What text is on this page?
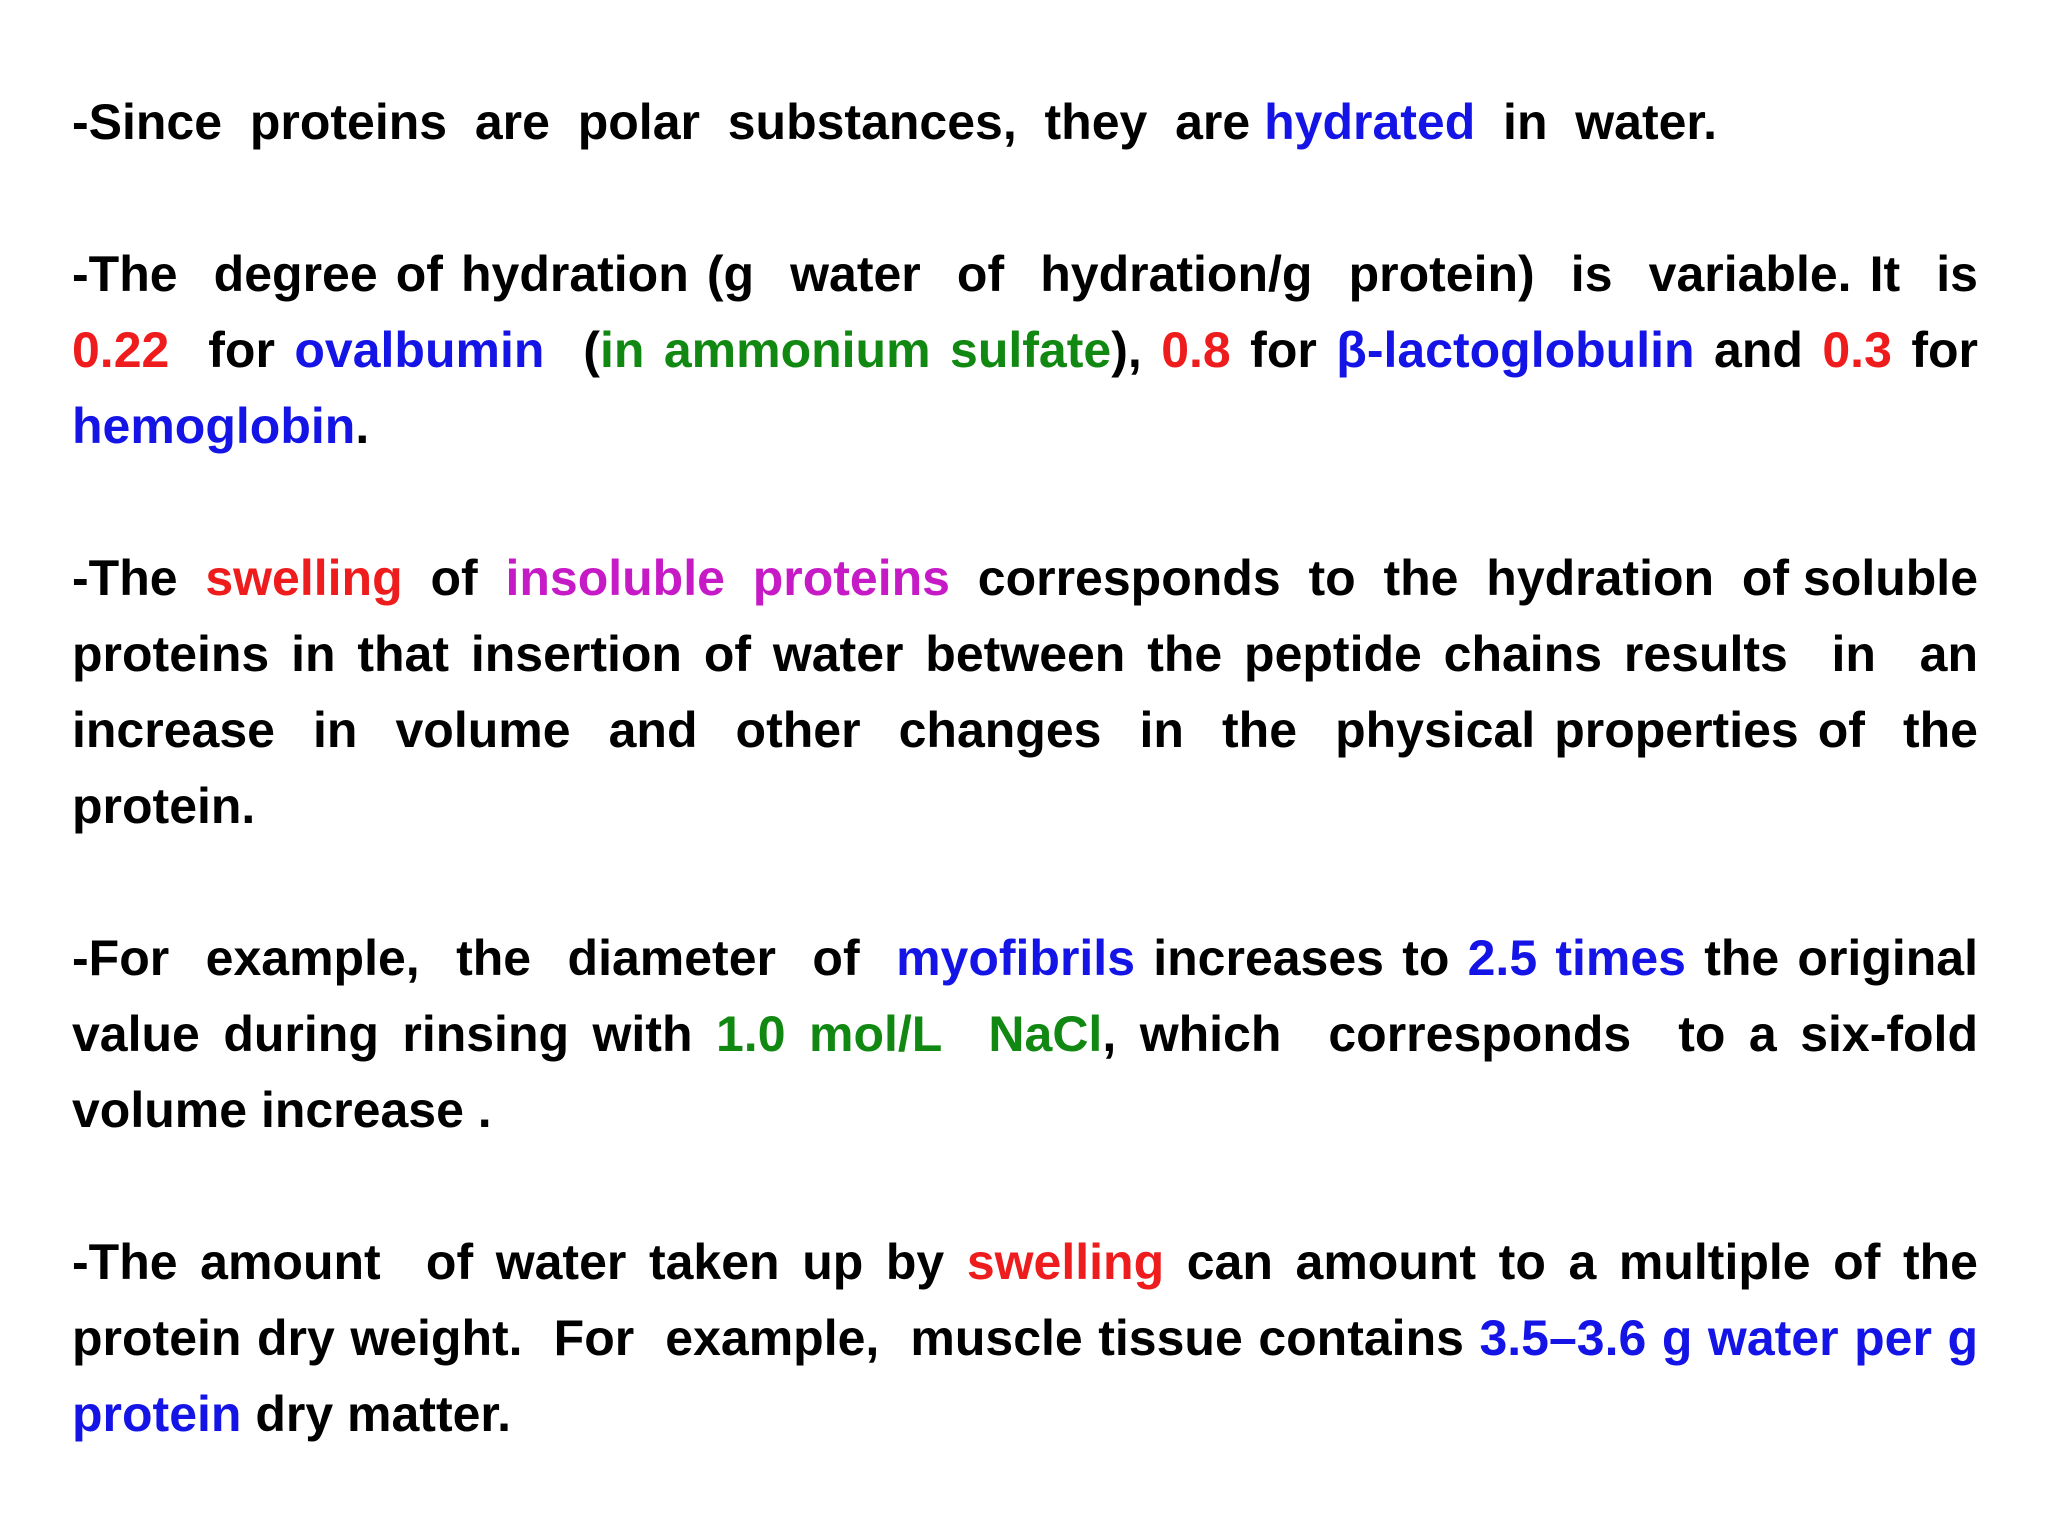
-Since  proteins  are  polar  substances,  they  are hydrated  in  water.

-The  degree of hydration (g  water  of  hydration/g  protein)  is  variable. It  is  0.22  for ovalbumin  (in ammonium sulfate), 0.8 for β-lactoglobulin and 0.3 for hemoglobin.

-The  swelling  of  insoluble  proteins  corresponds  to  the  hydration  of soluble proteins in that insertion of water between the peptide chains results  in  an  increase  in  volume  and  other  changes  in  the  physical properties of  the protein.

-For  example,  the  diameter  of  myofibrils increases to 2.5 times the original value during rinsing with 1.0 mol/L  NaCl, which  corresponds  to a six-fold volume increase .

-The amount  of water taken up by swelling can amount to a multiple of the protein dry weight.  For  example,  muscle tissue contains 3.5–3.6 g water per g protein dry matter.
